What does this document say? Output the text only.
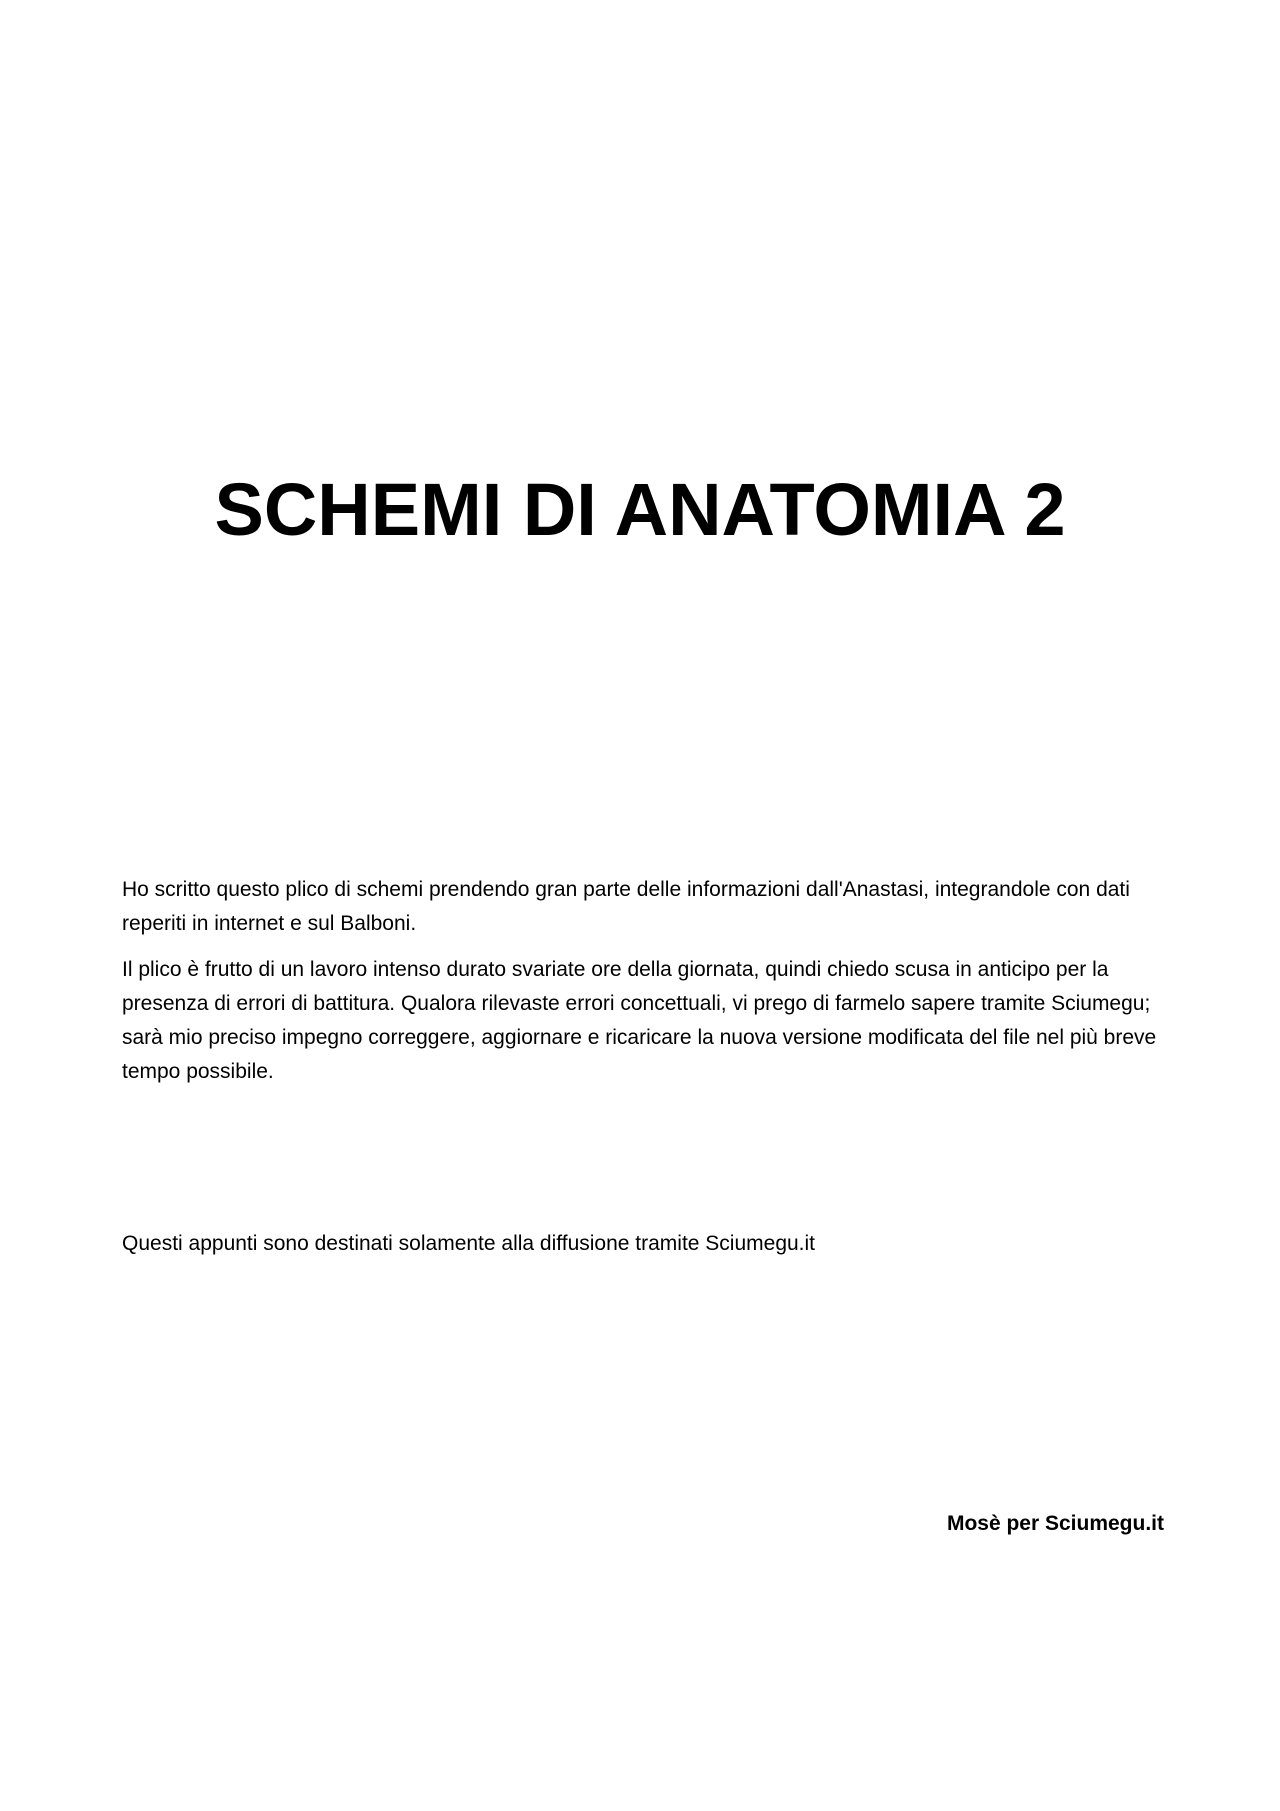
SCHEMI DI ANATOMIA 2

Ho scritto questo plico di schemi prendendo gran parte delle informazioni dall'Anastasi, integrandole con dati reperiti in internet e sul Balboni.

Il plico è frutto di un lavoro intenso durato svariate ore della giornata, quindi chiedo scusa in anticipo per la presenza di errori di battitura. Qualora rilevaste errori concettuali, vi prego di farmelo sapere tramite Sciumegu; sarà mio preciso impegno correggere, aggiornare e ricaricare la nuova versione modificata del file nel più breve tempo possibile.

Questi appunti sono destinati solamente alla diffusione tramite Sciumegu.it
Mosè per Sciumegu.it
